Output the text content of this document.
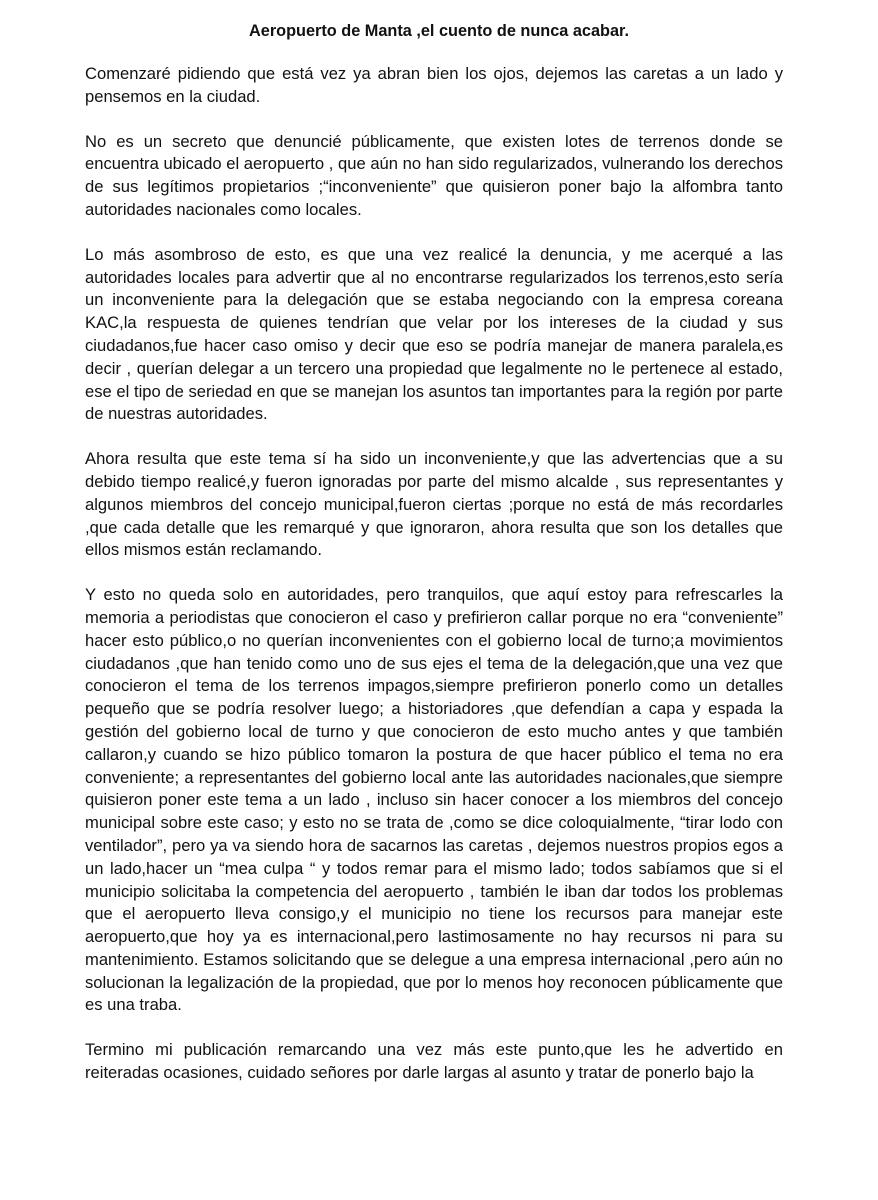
Aeropuerto de Manta ,el cuento de nunca acabar.

Comenzaré pidiendo que está vez ya abran bien los ojos, dejemos las caretas a un lado y pensemos en la ciudad.

No es un secreto que denuncié públicamente, que existen lotes de terrenos donde se encuentra ubicado el aeropuerto , que aún no han sido regularizados, vulnerando los derechos de sus legítimos propietarios ;“inconveniente” que quisieron poner bajo la alfombra tanto autoridades nacionales como locales.

Lo más asombroso de esto, es que una vez realicé la denuncia, y me acerqué a las autoridades locales para advertir que al no encontrarse regularizados los terrenos,esto sería un inconveniente para la delegación que se estaba negociando con la empresa coreana KAC,la respuesta de quienes tendrían que velar por los intereses de la ciudad y sus ciudadanos,fue hacer caso omiso y decir que eso se podría manejar de manera paralela,es decir , querían delegar a un tercero una propiedad que legalmente no le pertenece al estado, ese el tipo de seriedad en que se manejan los asuntos tan importantes para la región por parte de nuestras autoridades.

Ahora resulta que este tema sí ha sido un inconveniente,y que las advertencias que a su debido tiempo realicé,y fueron ignoradas por parte del mismo alcalde , sus representantes y algunos miembros del concejo municipal,fueron ciertas ;porque no está de más recordarles ,que cada detalle que les remarqué y que ignoraron, ahora resulta que son los detalles que ellos mismos están reclamando.

Y esto no queda solo en autoridades, pero tranquilos, que aquí estoy para refrescarles la memoria a periodistas que conocieron el caso y prefirieron callar porque no era “conveniente” hacer esto público,o no querían inconvenientes con el gobierno local de turno;a movimientos ciudadanos ,que han tenido como uno de sus ejes el tema de la delegación,que una vez que conocieron el tema de los terrenos impagos,siempre prefirieron ponerlo como un detalles pequeño que se podría resolver luego; a historiadores ,que defendían a capa y espada la gestión del gobierno local de turno y que conocieron de esto mucho antes y que también callaron,y cuando se hizo público tomaron la postura de que hacer público el tema no era conveniente; a representantes del gobierno local ante las autoridades nacionales,que siempre quisieron poner este tema a un lado , incluso sin hacer conocer a los miembros del concejo municipal sobre este caso; y esto no se trata de ,como se dice coloquialmente, “tirar lodo con ventilador”, pero ya va siendo hora de sacarnos las caretas , dejemos nuestros propios egos a un lado,hacer un “mea culpa “ y todos remar para el mismo lado; todos sabíamos que si el municipio solicitaba la competencia del aeropuerto , también le iban dar todos los problemas que el aeropuerto lleva consigo,y el municipio no tiene los recursos para manejar este aeropuerto,que hoy ya es internacional,pero lastimosamente no hay recursos ni para su mantenimiento. Estamos solicitando que se delegue a una empresa internacional ,pero aún no solucionan la legalización de la propiedad, que por lo menos hoy reconocen públicamente que es una traba.

Termino mi publicación remarcando una vez más este punto,que les he advertido en reiteradas ocasiones, cuidado señores por darle largas al asunto y tratar de ponerlo bajo la
